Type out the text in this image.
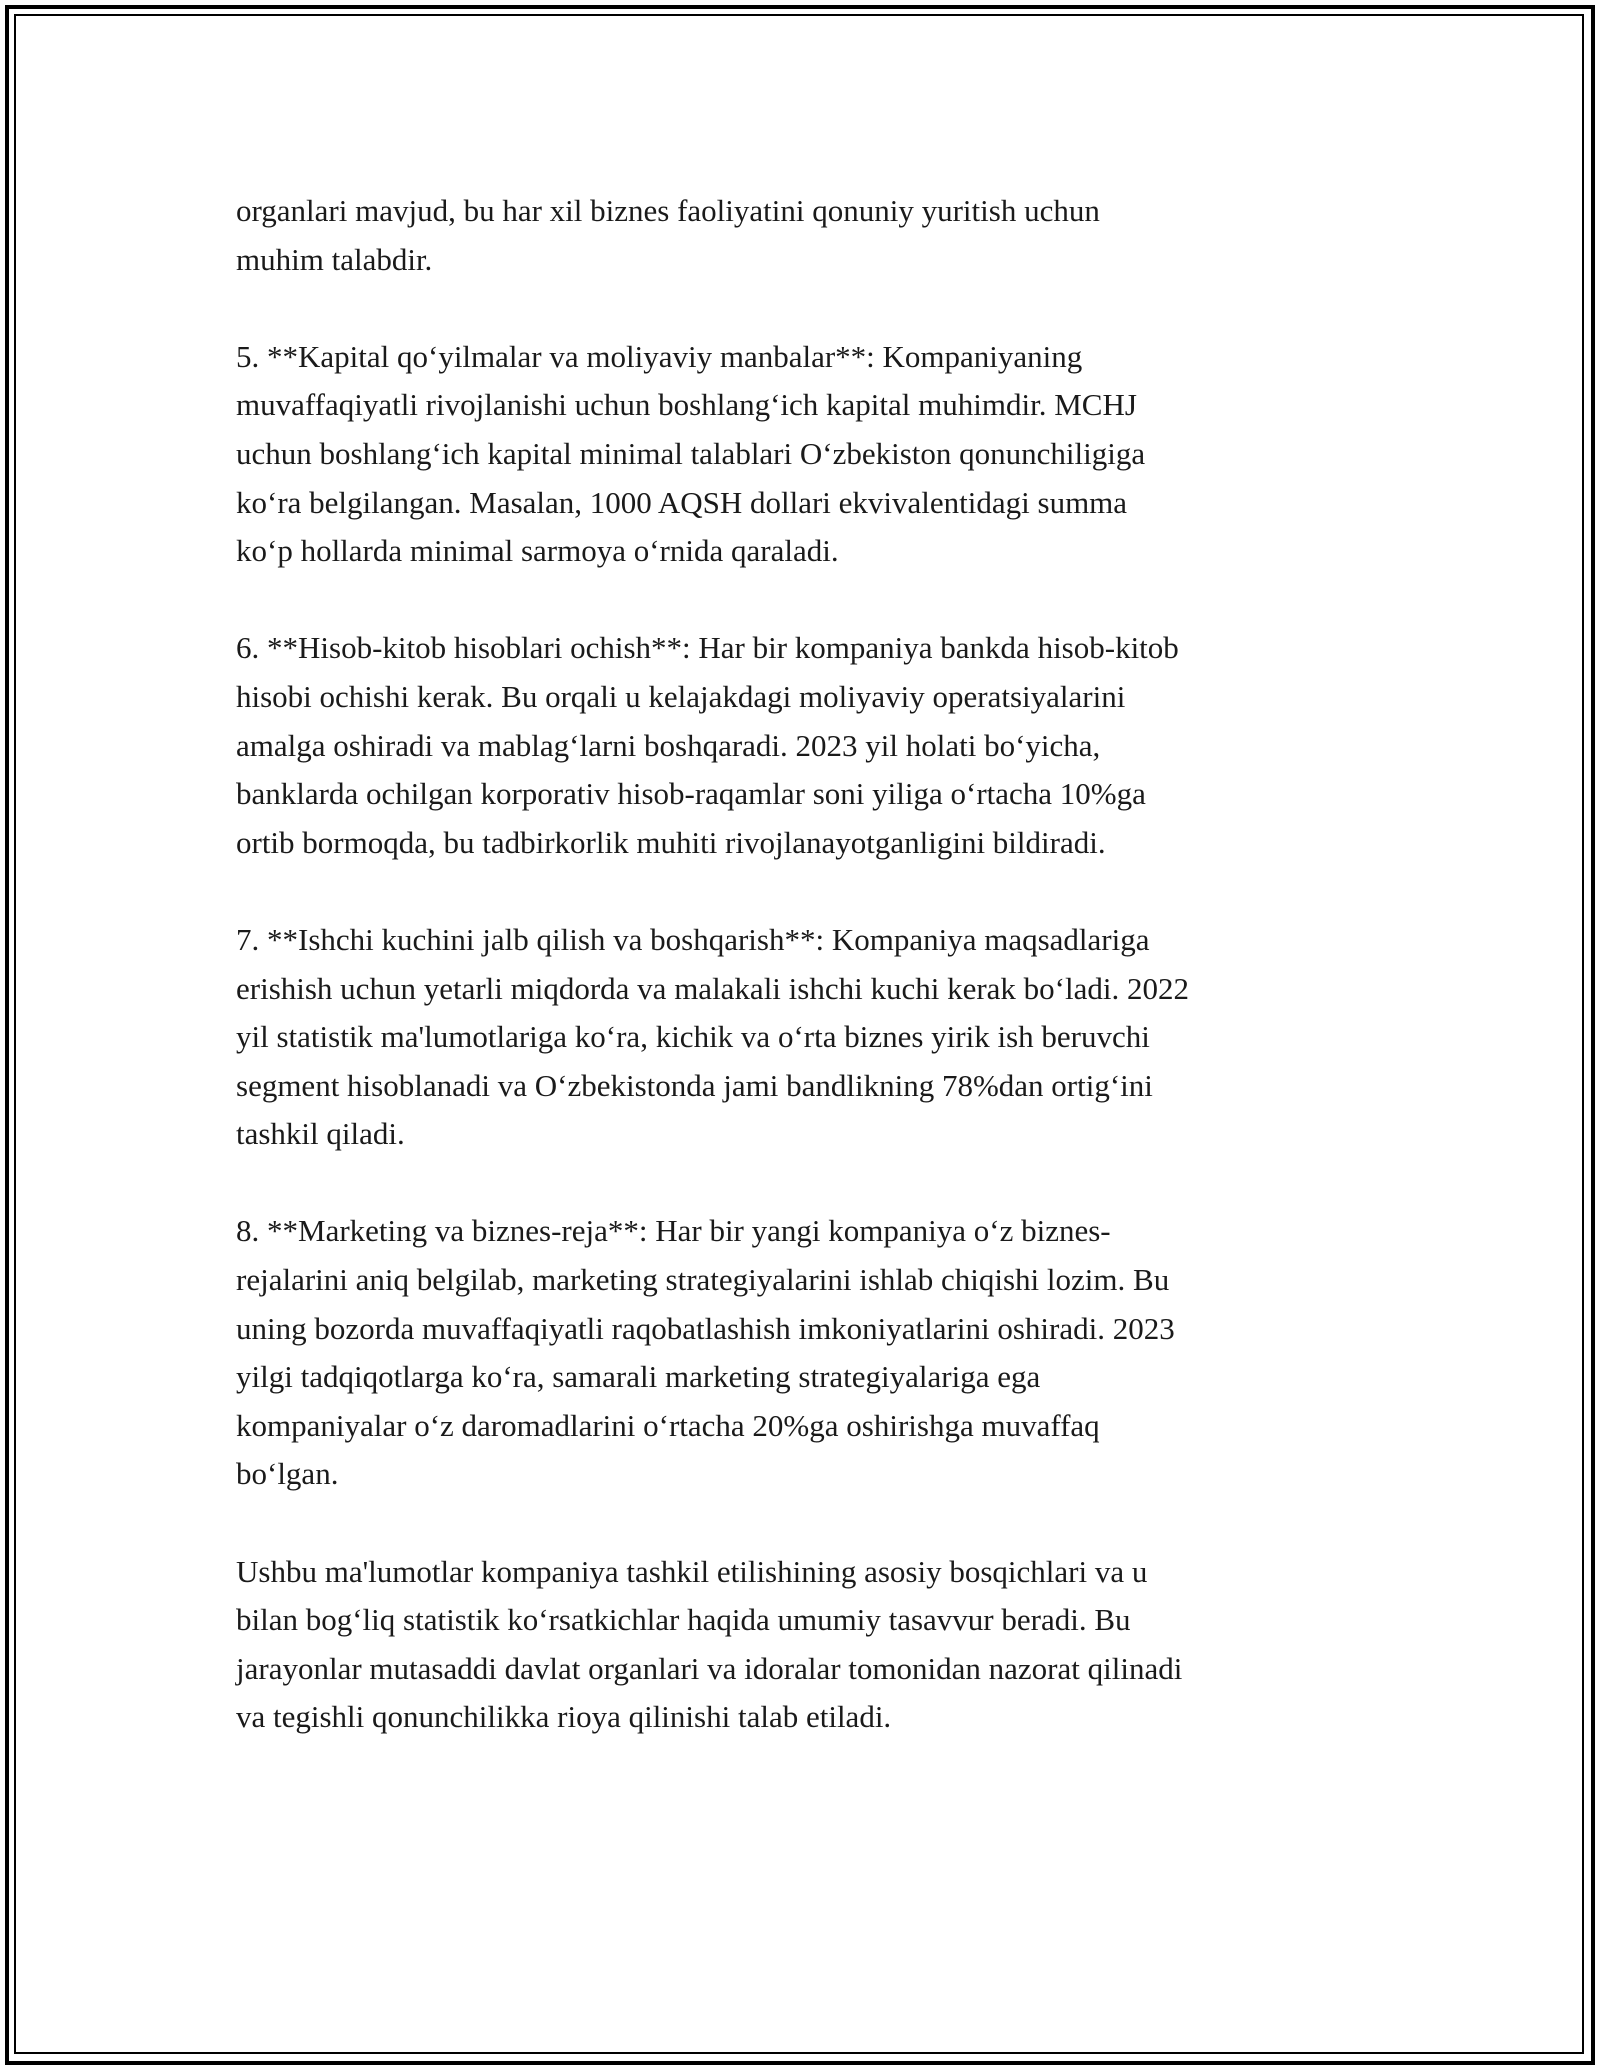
organlari mavjud, bu har xil biznes faoliyatini qonuniy yuritish uchun
muhim talabdir.

5. **Kapital qo‘yilmalar va moliyaviy manbalar**: Kompaniyaning
muvaffaqiyatli rivojlanishi uchun boshlang‘ich kapital muhimdir. MCHJ
uchun boshlang‘ich kapital minimal talablari O‘zbekiston qonunchiligiga
ko‘ra belgilangan. Masalan, 1000 AQSH dollari ekvivalentidagi summa
ko‘p hollarda minimal sarmoya o‘rnida qaraladi.

6. **Hisob-kitob hisoblari ochish**: Har bir kompaniya bankda hisob-kitob
hisobi ochishi kerak. Bu orqali u kelajakdagi moliyaviy operatsiyalarini
amalga oshiradi va mablag‘larni boshqaradi. 2023 yil holati bo‘yicha,
banklarda ochilgan korporativ hisob-raqamlar soni yiliga o‘rtacha 10%ga
ortib bormoqda, bu tadbirkorlik muhiti rivojlanayotganligini bildiradi.

7. **Ishchi kuchini jalb qilish va boshqarish**: Kompaniya maqsadlariga
erishish uchun yetarli miqdorda va malakali ishchi kuchi kerak bo‘ladi. 2022
yil statistik ma'lumotlariga ko‘ra, kichik va o‘rta biznes yirik ish beruvchi
segment hisoblanadi va O‘zbekistonda jami bandlikning 78%dan ortig‘ini
tashkil qiladi.

8. **Marketing va biznes-reja**: Har bir yangi kompaniya o‘z biznes-
rejalarini aniq belgilab, marketing strategiyalarini ishlab chiqishi lozim. Bu
uning bozorda muvaffaqiyatli raqobatlashish imkoniyatlarini oshiradi. 2023
yilgi tadqiqotlarga ko‘ra, samarali marketing strategiyalariga ega
kompaniyalar o‘z daromadlarini o‘rtacha 20%ga oshirishga muvaffaq
bo‘lgan.

Ushbu ma'lumotlar kompaniya tashkil etilishining asosiy bosqichlari va u
bilan bog‘liq statistik ko‘rsatkichlar haqida umumiy tasavvur beradi. Bu
jarayonlar mutasaddi davlat organlari va idoralar tomonidan nazorat qilinadi
va tegishli qonunchilikka rioya qilinishi talab etiladi.
